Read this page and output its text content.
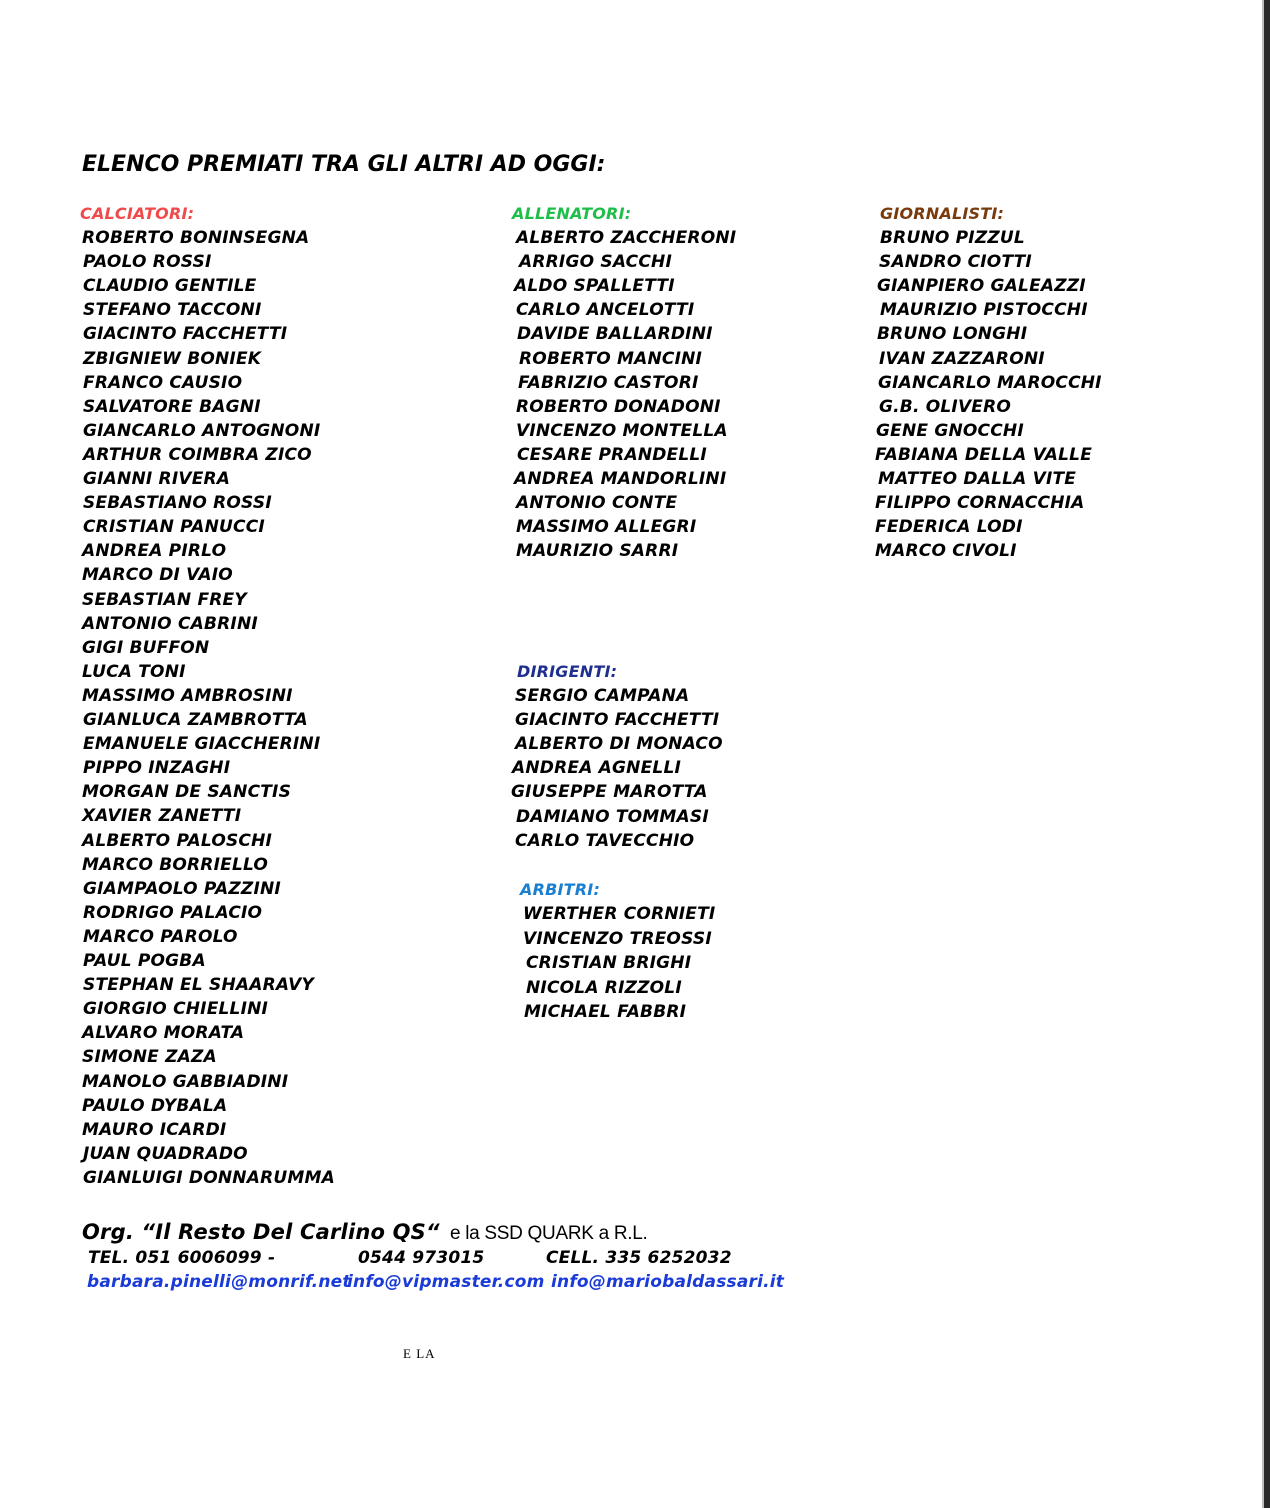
ELENCO PREMIATI TRA GLI ALTRI AD OGGI:
CALCIATORI:	ALLENATORI:	GIORNALISTI:
ROBERTO BONINSEGNA
PAOLO ROSSI
CLAUDIO GENTILE
STEFANO TACCONI
GIACINTO FACCHETTI
ZBIGNIEW BONIEK
FRANCO CAUSIO
SALVATORE BAGNI
GIANCARLO ANTOGNONI
ARTHUR COIMBRA ZICO
GIANNI RIVERA
SEBASTIANO ROSSI
CRISTIAN PANUCCI
ANDREA PIRLO
MARCO DI VAIO
SEBASTIAN FREY
ANTONIO CABRINI
GIGI BUFFON
LUCA TONI
MASSIMO AMBROSINI
GIANLUCA ZAMBROTTA
EMANUELE GIACCHERINI
PIPPO INZAGHI
MORGAN DE SANCTIS
XAVIER ZANETTI
ALBERTO PALOSCHI
MARCO BORRIELLO
GIAMPAOLO PAZZINI
RODRIGO PALACIO
MARCO PAROLO
PAUL POGBA
STEPHAN EL SHAARAVY
GIORGIO CHIELLINI
ALVARO MORATA
SIMONE ZAZA
MANOLO GABBIADINI
PAULO DYBALA
MAURO ICARDI
JUAN QUADRADO
GIANLUIGI DONNARUMMA
ALBERTO ZACCHERONI
ARRIGO SACCHI
ALDO SPALLETTI
CARLO ANCELOTTI
DAVIDE BALLARDINI
ROBERTO MANCINI
FABRIZIO CASTORI
ROBERTO DONADONI
VINCENZO MONTELLA
CESARE PRANDELLI
ANDREA MANDORLINI
ANTONIO CONTE
MASSIMO ALLEGRI
MAURIZIO SARRI
BRUNO PIZZUL
SANDRO CIOTTI
GIANPIERO GALEAZZI
MAURIZIO PISTOCCHI
BRUNO LONGHI
IVAN ZAZZARONI
GIANCARLO MAROCCHI
G.B. OLIVERO
GENE GNOCCHI
FABIANA DELLA VALLE
MATTEO DALLA VITE
FILIPPO CORNACCHIA
FEDERICA LODI
MARCO CIVOLI
DIRIGENTI:
SERGIO CAMPANA
GIACINTO FACCHETTI
ALBERTO DI MONACO
ANDREA AGNELLI
GIUSEPPE MAROTTA
DAMIANO TOMMASI
CARLO TAVECCHIO
ARBITRI:
WERTHER CORNIETI
VINCENZO TREOSSI
CRISTIAN BRIGHI
NICOLA RIZZOLI
MICHAEL FABBRI
Org. “Il Resto Del Carlino QS“ e la SSD QUARK a R.L.
TEL. 051 6006099 -	0544 973015	CELL. 335 6252032
barbara.pinelli@monrif.net
info@vipmaster.com info@mariobaldassari.it
E LA
